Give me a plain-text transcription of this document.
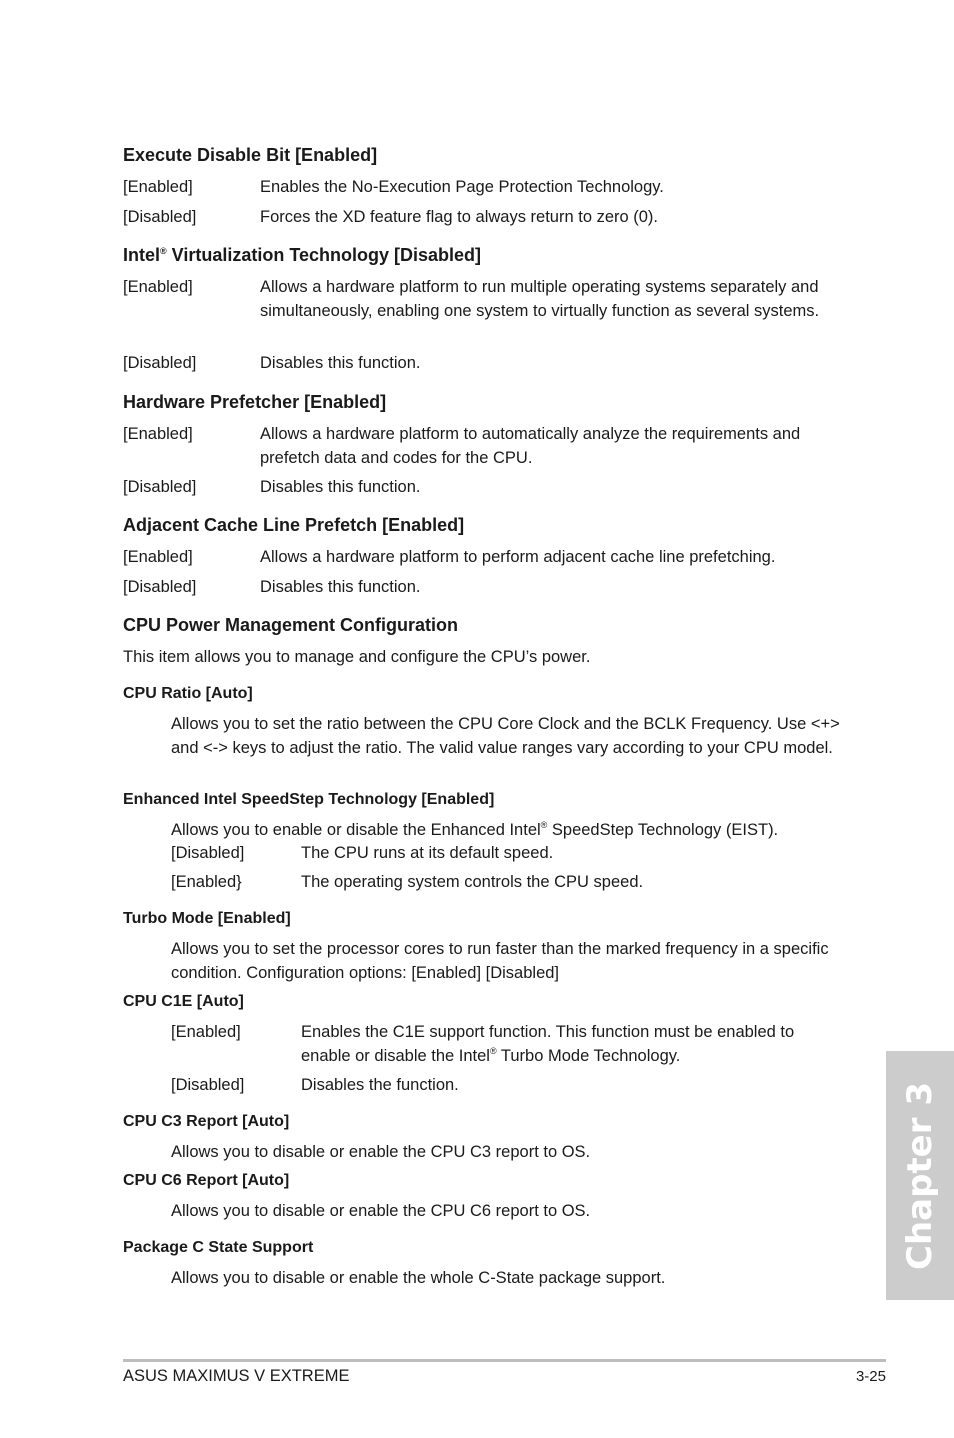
Execute Disable Bit [Enabled]
[Enabled]	Enables the No-Execution Page Protection Technology.
[Disabled]	Forces the XD feature flag to always return to zero (0).
Intel® Virtualization Technology [Disabled]
[Enabled]	Allows a hardware platform to run multiple operating systems separately and simultaneously, enabling one system to virtually function as several systems.
[Disabled]	Disables this function.
Hardware Prefetcher [Enabled]
[Enabled]	Allows a hardware platform to automatically analyze the requirements and prefetch data and codes for the CPU.
[Disabled]	Disables this function.
Adjacent Cache Line Prefetch [Enabled]
[Enabled]	Allows a hardware platform to perform adjacent cache line prefetching.
[Disabled]	Disables this function.
CPU Power Management Configuration
This item allows you to manage and configure the CPU’s power.
CPU Ratio [Auto]
Allows you to set the ratio between the CPU Core Clock and the BCLK Frequency. Use <+> and <-> keys to adjust the ratio. The valid value ranges vary according to your CPU model.
Enhanced Intel SpeedStep Technology [Enabled]
Allows you to enable or disable the Enhanced Intel® SpeedStep Technology (EIST).
[Disabled]	The CPU runs at its default speed.
[Enabled}	The operating system controls the CPU speed.
Turbo Mode [Enabled]
Allows you to set the processor cores to run faster than the marked frequency in a specific condition. Configuration options: [Enabled] [Disabled]
CPU C1E [Auto]
[Enabled]	Enables the C1E support function. This function must be enabled to enable or disable the Intel® Turbo Mode Technology.
[Disabled]	Disables the function.
CPU C3 Report [Auto]
Allows you to disable or enable the CPU C3 report to OS.
CPU C6 Report [Auto]
Allows you to disable or enable the CPU C6 report to OS.
Package C State Support
Allows you to disable or enable the whole C-State package support.
Chapter 3
ASUS MAXIMUS V EXTREME	3-25
